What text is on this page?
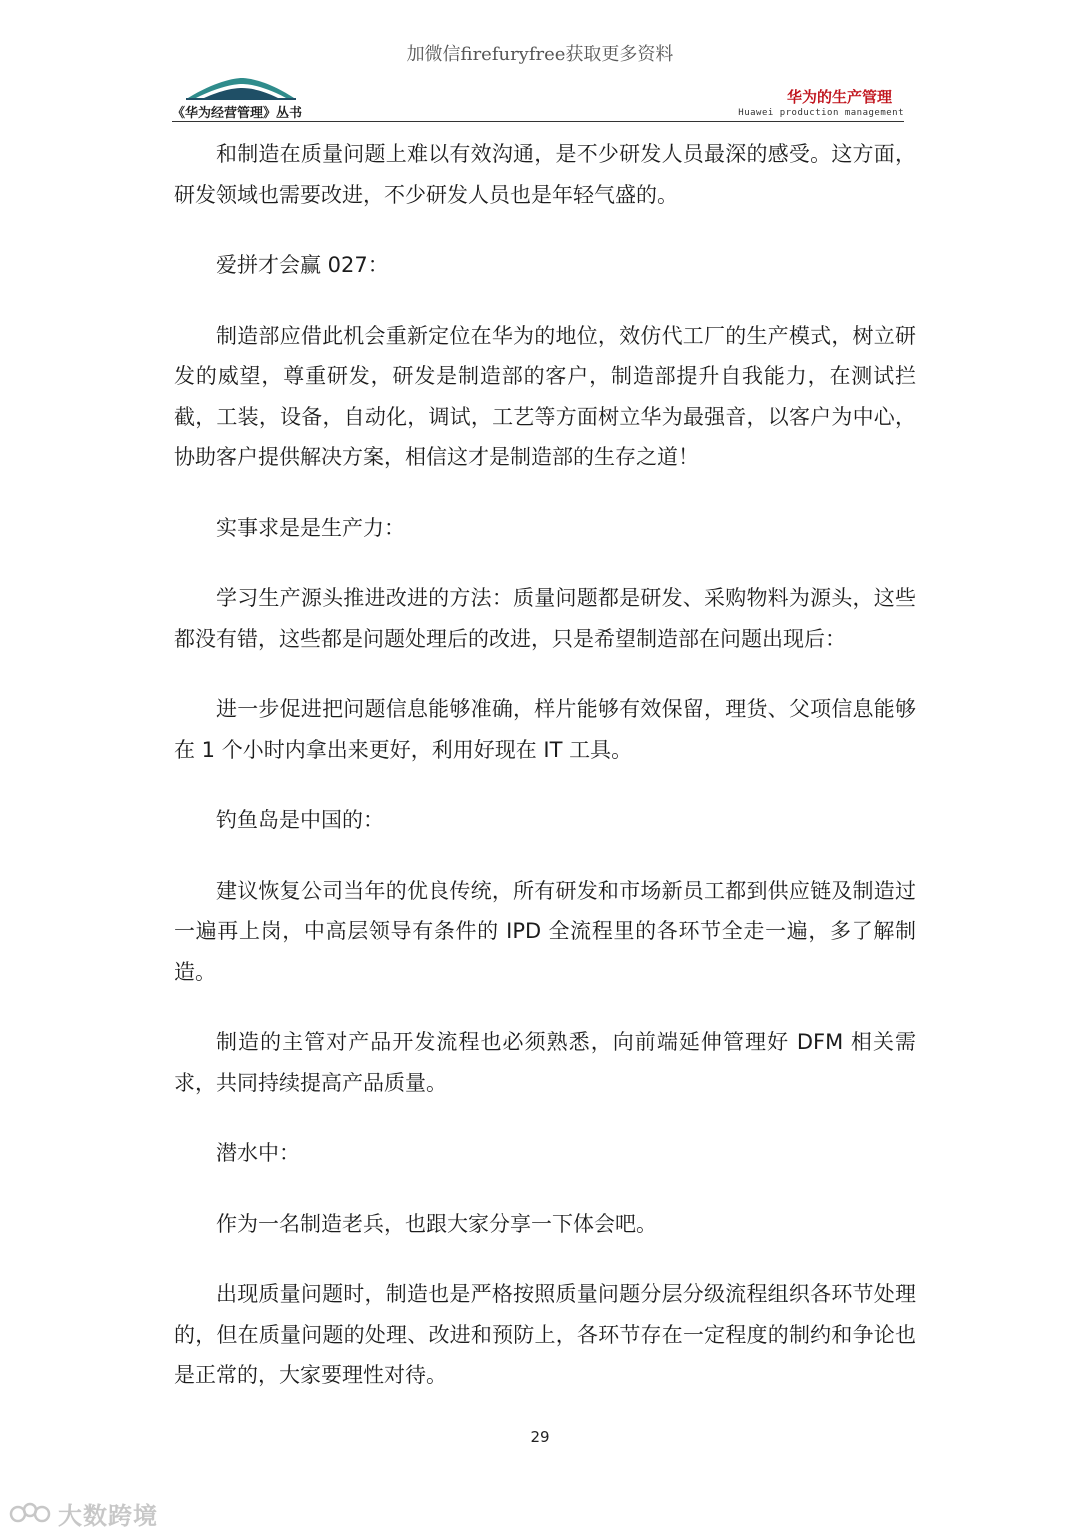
加微信firefuryfree获取更多资料
《华为经营管理》丛书
华为的生产管理
Huawei production management

和制造在质量问题上难以有效沟通，是不少研发人员最深的感受。这方面，研发领域也需要改进，不少研发人员也是年轻气盛的。

爱拼才会赢 027：

制造部应借此机会重新定位在华为的地位，效仿代工厂的生产模式，树立研发的威望，尊重研发，研发是制造部的客户，制造部提升自我能力，在测试拦截，工装，设备，自动化，调试，工艺等方面树立华为最强音，以客户为中心，协助客户提供解决方案，相信这才是制造部的生存之道！

实事求是是生产力：

学习生产源头推进改进的方法：质量问题都是研发、采购物料为源头，这些都没有错，这些都是问题处理后的改进，只是希望制造部在问题出现后：

进一步促进把问题信息能够准确，样片能够有效保留，理货、父项信息能够在 1 个小时内拿出来更好，利用好现在 IT 工具。

钓鱼岛是中国的：

建议恢复公司当年的优良传统，所有研发和市场新员工都到供应链及制造过一遍再上岗，中高层领导有条件的 IPD 全流程里的各环节全走一遍，多了解制造。

制造的主管对产品开发流程也必须熟悉，向前端延伸管理好 DFM 相关需求，共同持续提高产品质量。

潜水中：

作为一名制造老兵，也跟大家分享一下体会吧。

出现质量问题时，制造也是严格按照质量问题分层分级流程组织各环节处理的，但在质量问题的处理、改进和预防上，各环节存在一定程度的制约和争论也是正常的，大家要理性对待。

29
大数跨境
